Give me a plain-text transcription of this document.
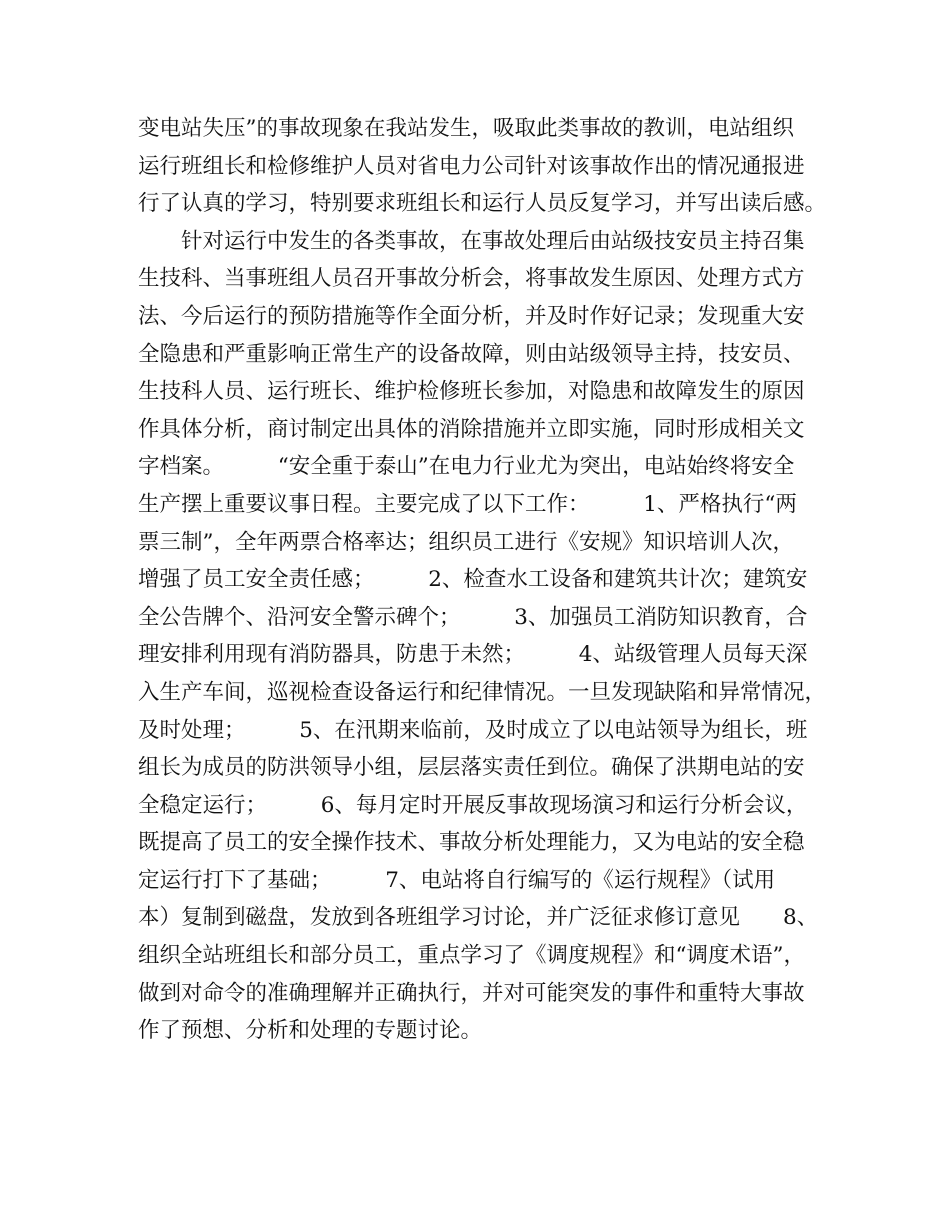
变电站失压”的事故现象在我站发生，吸取此类事故的教训，电站组织
运行班组长和检修维护人员对省电力公司针对该事故作出的情况通报进
行了认真的学习，特别要求班组长和运行人员反复学习，并写出读后感。
　　针对运行中发生的各类事故，在事故处理后由站级技安员主持召集
生技科、当事班组人员召开事故分析会，将事故发生原因、处理方式方
法、今后运行的预防措施等作全面分析，并及时作好记录；发现重大安
全隐患和严重影响正常生产的设备故障，则由站级领导主持，技安员、
生技科人员、运行班长、维护检修班长参加，对隐患和故障发生的原因
作具体分析，商讨制定出具体的消除措施并立即实施，同时形成相关文
字档案。　　　“安全重于泰山”在电力行业尤为突出，电站始终将安全
生产摆上重要议事日程。主要完成了以下工作：　　　1、严格执行“两
票三制”，全年两票合格率达；组织员工进行《安规》知识培训人次，
增强了员工安全责任感；　　　2、检查水工设备和建筑共计次；建筑安
全公告牌个、沿河安全警示碑个；　　　3、加强员工消防知识教育，合
理安排利用现有消防器具，防患于未然；　　　4、站级管理人员每天深
入生产车间，巡视检查设备运行和纪律情况。一旦发现缺陷和异常情况，
及时处理；　　　5、在汛期来临前，及时成立了以电站领导为组长，班
组长为成员的防洪领导小组，层层落实责任到位。确保了洪期电站的安
全稳定运行；　　　6、每月定时开展反事故现场演习和运行分析会议，
既提高了员工的安全操作技术、事故分析处理能力，又为电站的安全稳
定运行打下了基础；　　　7、电站将自行编写的《运行规程》（试用
本）复制到磁盘，发放到各班组学习讨论，并广泛征求修订意见　　8、
组织全站班组长和部分员工，重点学习了《调度规程》和“调度术语”，
做到对命令的准确理解并正确执行，并对可能突发的事件和重特大事故
作了预想、分析和处理的专题讨论。
